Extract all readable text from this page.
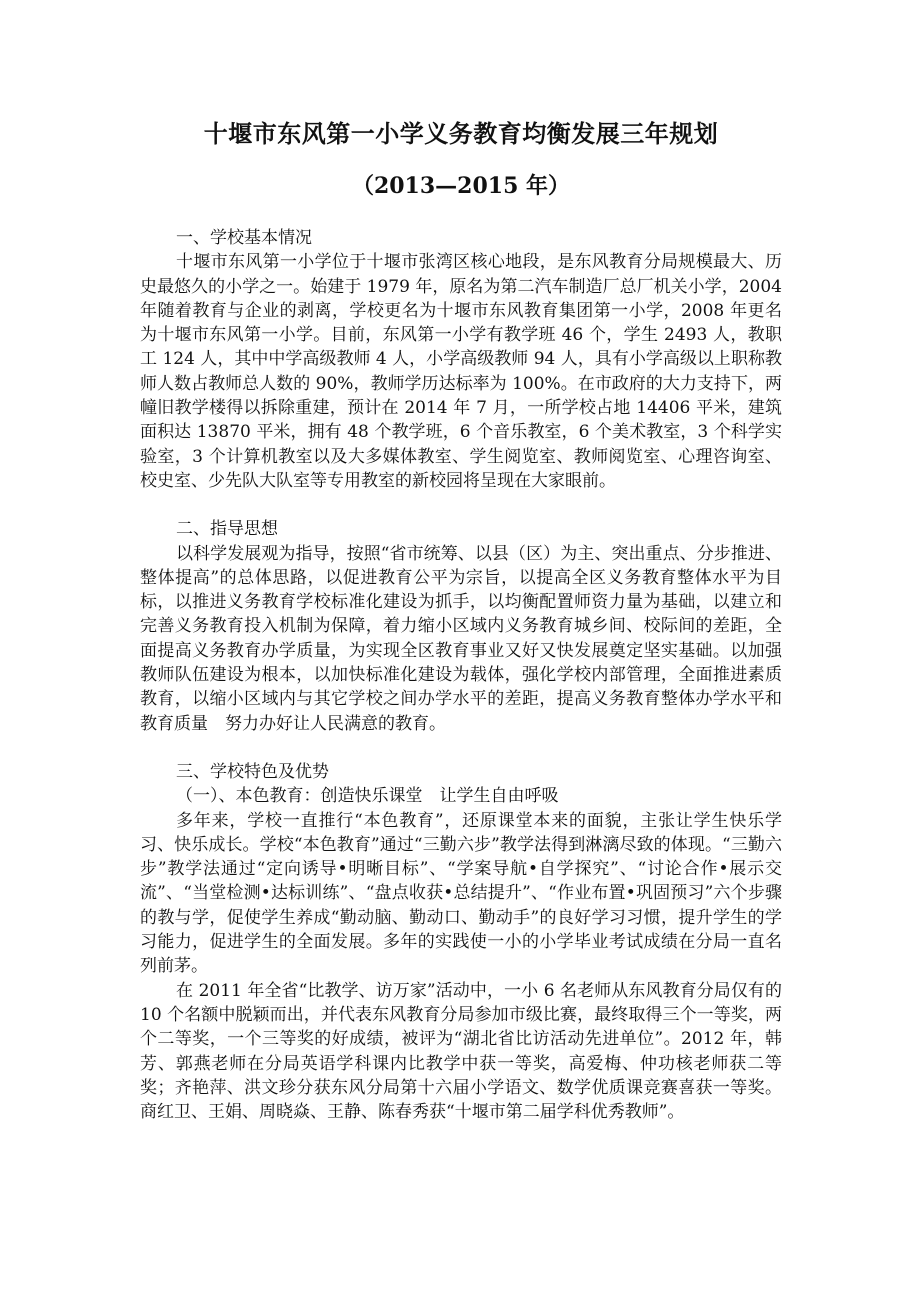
十堰市东风第一小学义务教育均衡发展三年规划
（2013—2015 年）

一、学校基本情况

十堰市东风第一小学位于十堰市张湾区核心地段，是东风教育分局规模最大、历史最悠久的小学之一。始建于 1979 年，原名为第二汽车制造厂总厂机关小学，2004 年随着教育与企业的剥离，学校更名为十堰市东风教育集团第一小学，2008 年更名为十堰市东风第一小学。目前，东风第一小学有教学班 46 个，学生 2493 人，教职工 124 人，其中中学高级教师 4 人，小学高级教师 94 人，具有小学高级以上职称教师人数占教师总人数的 90%，教师学历达标率为 100%。在市政府的大力支持下，两幢旧教学楼得以拆除重建，预计在 2014 年 7 月，一所学校占地 14406 平米，建筑面积达 13870 平米，拥有 48 个教学班，6 个音乐教室，6 个美术教室，3 个科学实验室，3 个计算机教室以及大多媒体教室、学生阅览室、教师阅览室、心理咨询室、校史室、少先队大队室等专用教室的新校园将呈现在大家眼前。

二、指导思想

以科学发展观为指导，按照“省市统筹、以县（区）为主、突出重点、分步推进、整体提高”的总体思路，以促进教育公平为宗旨，以提高全区义务教育整体水平为目标，以推进义务教育学校标准化建设为抓手，以均衡配置师资力量为基础，以建立和完善义务教育投入机制为保障，着力缩小区域内义务教育城乡间、校际间的差距，全面提高义务教育办学质量，为实现全区教育事业又好又快发展奠定坚实基础。以加强教师队伍建设为根本，以加快标准化建设为载体，强化学校内部管理，全面推进素质教育，以缩小区域内与其它学校之间办学水平的差距，提高义务教育整体办学水平和教育质量　努力办好让人民满意的教育。

三、学校特色及优势

（一）、本色教育：创造快乐课堂　让学生自由呼吸

多年来，学校一直推行“本色教育”，还原课堂本来的面貌，主张让学生快乐学习、快乐成长。学校“本色教育”通过“三勤六步”教学法得到淋漓尽致的体现。“三勤六步”教学法通过“定向诱导•明晰目标”、“学案导航•自学探究”、“讨论合作•展示交流”、“当堂检测•达标训练”、“盘点收获•总结提升”、“作业布置•巩固预习”六个步骤的教与学，促使学生养成“勤动脑、勤动口、勤动手”的良好学习习惯，提升学生的学习能力，促进学生的全面发展。多年的实践使一小的小学毕业考试成绩在分局一直名列前茅。

在 2011 年全省“比教学、访万家”活动中，一小 6 名老师从东风教育分局仅有的 10 个名额中脱颖而出，并代表东风教育分局参加市级比赛，最终取得三个一等奖，两个二等奖，一个三等奖的好成绩，被评为“湖北省比访活动先进单位”。2012 年，韩芳、郭燕老师在分局英语学科课内比教学中获一等奖，高爱梅、仲功核老师获二等奖；齐艳萍、洪文珍分获东风分局第十六届小学语文、数学优质课竞赛喜获一等奖。商红卫、王娟、周晓焱、王静、陈春秀获“十堰市第二届学科优秀教师”。
